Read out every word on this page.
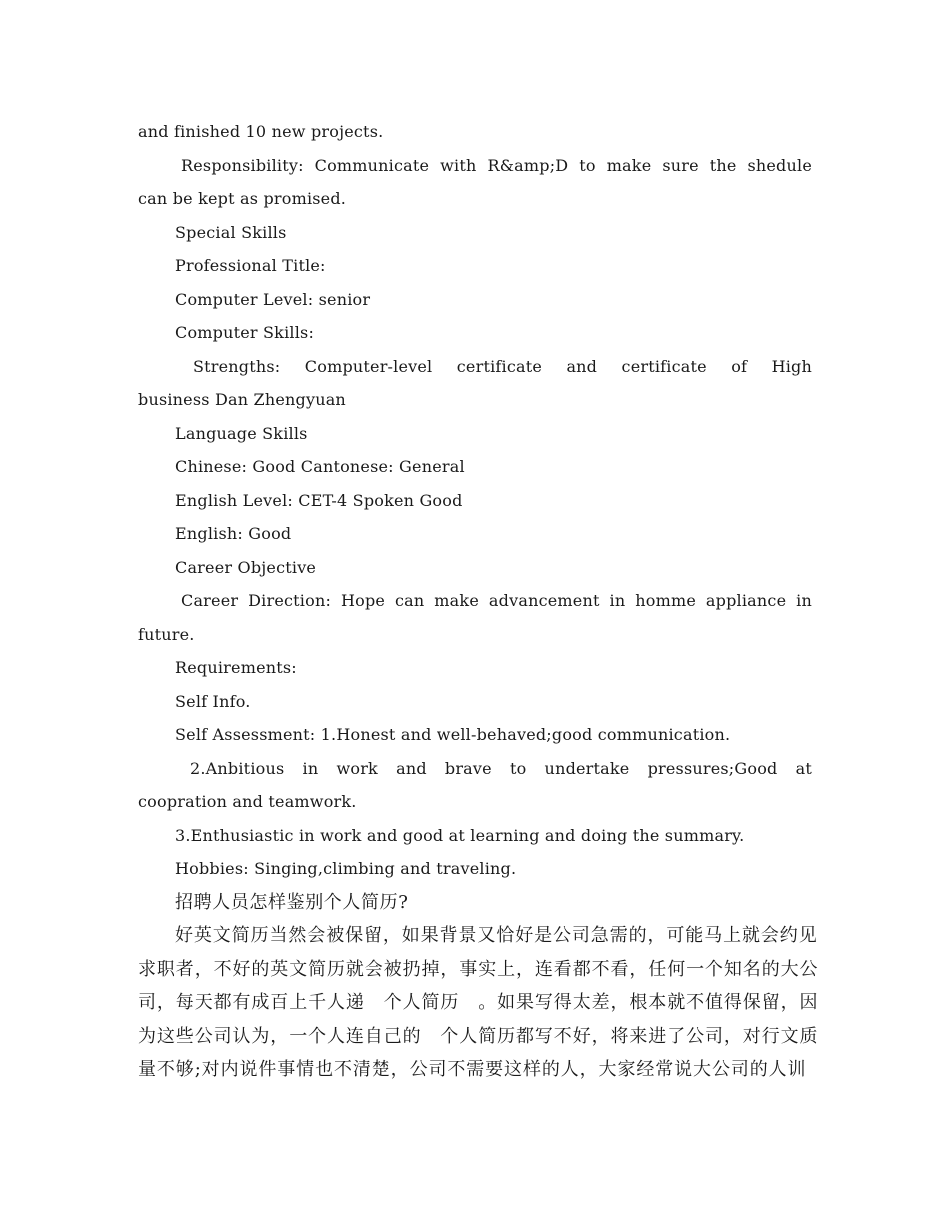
and finished 10 new projects.
Responsibility: Communicate with R&amp;D to make sure the shedule
can be kept as promised.
Special Skills
Professional Title:
Computer Level: senior
Computer Skills:
Strengths: Computer-level certificate and certificate of High
business Dan Zhengyuan
Language Skills
Chinese: Good Cantonese: General
English Level: CET-4 Spoken Good
English: Good
Career Objective
Career Direction: Hope can make advancement in homme appliance in
future.
Requirements:
Self Info.
Self Assessment: 1.Honest and well-behaved;good communication.
2.Anbitious in work and brave to undertake pressures;Good at
coopration and teamwork.
3.Enthusiastic in work and good at learning and doing the summary.
Hobbies: Singing,climbing and traveling.
招聘人员怎样鉴别个人简历?
好英文简历当然会被保留，如果背景又恰好是公司急需的，可能马上就会约见
求职者，不好的英文简历就会被扔掉，事实上，连看都不看，任何一个知名的大公
司，每天都有成百上千人递　个人简历　。如果写得太差，根本就不值得保留，因
为这些公司认为，一个人连自己的　个人简历都写不好，将来进了公司，对行文质
量不够;对内说件事情也不清楚，公司不需要这样的人，大家经常说大公司的人训
